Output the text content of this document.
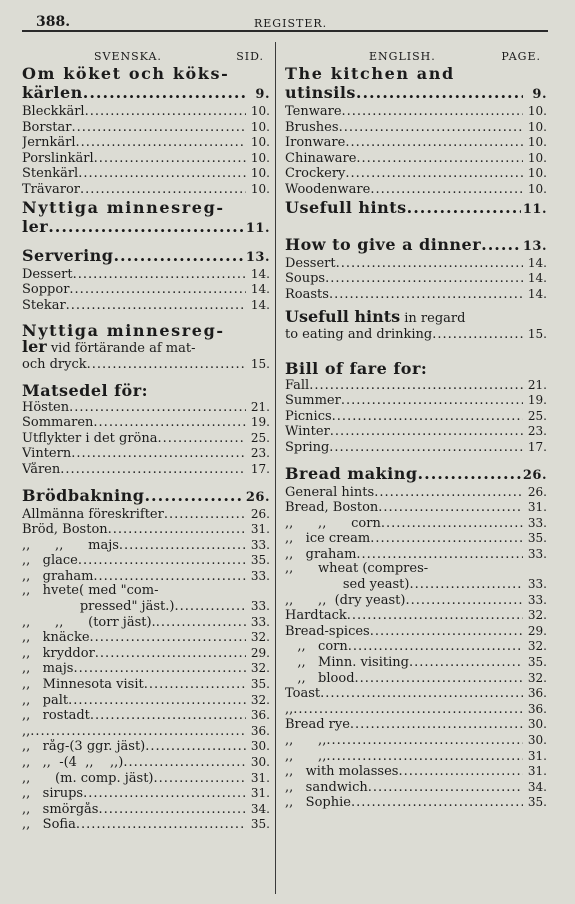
388.	REGISTER.
SVENSKA.	SID.
Om köket och köks-
kärlen .....	9.
Bleckkärl .....	10.
Borstar .....	10.
Jernkärl .....	10.
Porslinkärl .....	10.
Stenkärl .....	10.
Trävaror .....	10.
Nyttiga minnesreg-
ler .....	11.
Servering .....	13.
Dessert .....	14.
Soppor .....	14.
Stekar .....	14.
Nyttiga minnesreg-
ler vid förtärande af mat-
och dryck .....	15.
Matsedel för:
Hösten .....	21.
Sommaren .....	19.
Utflykter i det gröna .....	25.
Vintern .....	23.
Våren .....	17.
Brödbakning .....	26.
Allmänna föreskrifter .....	26.
Bröd, Boston .....	31.
,,      ,,      majs .....	33.
,,   glace .....	35.
,,   graham .....	33.
,,   hvete( med "com-
pressed" jäst.) .....	33.
,,      ,,      (torr jäst). .....	33.
,,   knäcke .....	32.
,,   kryddor .....	29.
,,   majs .....	32.
,,   Minnesota visit .....	35.
,,   palt .....	32.
,,   rostadt .....	36.
,, .....	36.
,,   råg-(3 ggr. jäst) .....	30.
,,   ,,  -(4  ,,    ,,) .....	30.
,,      (m. comp. jäst) .....	31.
,,   sirups .....	31.
,,   smörgås .....	34.
,,   Sofia .....	35.
ENGLISH.	PAGE.
The kitchen and
utinsils .....	9.
Tenware .....	10.
Brushes .....	10.
Ironware .....	10.
Chinaware .....	10.
Crockery .....	10.
Woodenware .....	10.
Usefull hints .....	11.
How to give a dinner .....	13.
Dessert .....	14.
Soups .....	14.
Roasts .....	14.
Usefull hints in regard
to eating and drinking .....	15.
Bill of fare for:
Fall .....	21.
Summer .....	19.
Picnics .....	25.
Winter .....	23.
Spring .....	17.
Bread making .....	26.
General hints .....	26.
Bread, Boston .....	31.
,,      ,,      corn .....	33.
,,   ice cream .....	35.
,,   graham .....	33.
,,      wheat (compres-
sed yeast) .....	33.
,,      ,,  (dry yeast) .....	33.
Hardtack .....	32.
Bread-spices .....	29.
,,   corn .....	32.
,,   Minn. visiting .....	35.
,,   blood .....	32.
Toast .....	36.
,, .....	36.
Bread rye .....	30.
,,      ,, .....	30.
,,      ,, .....	31.
,,   with molasses .....	31.
,,   sandwich .....	34.
,,   Sophie .....	35.
